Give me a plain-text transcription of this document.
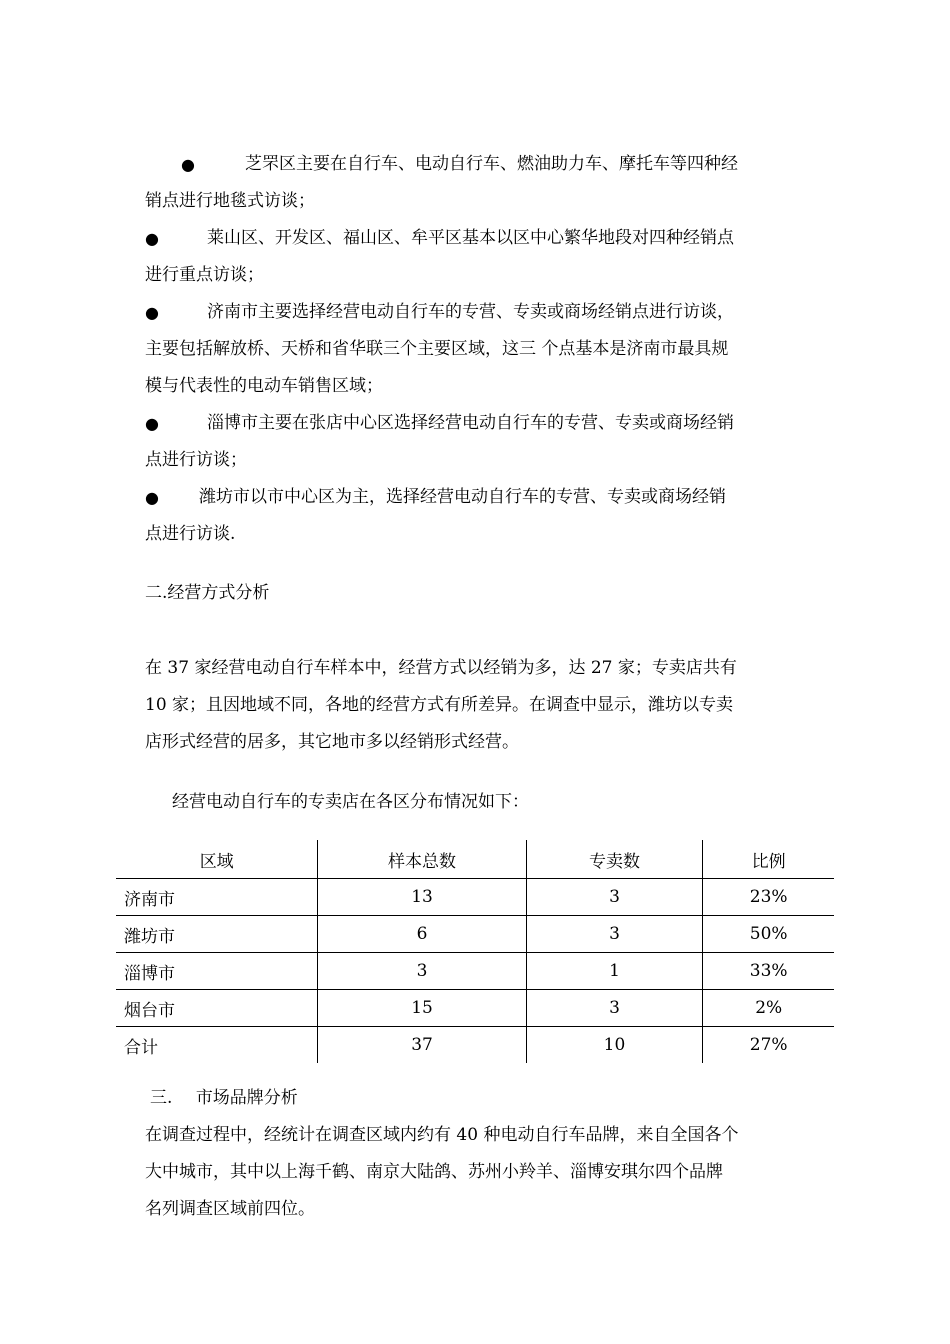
●	芝罘区主要在自行车、电动自行车、燃油助力车、摩托车等四种经
销点进行地毯式访谈；
●	莱山区、开发区、福山区、牟平区基本以区中心繁华地段对四种经销点
进行重点访谈；
●	济南市主要选择经营电动自行车的专营、专卖或商场经销点进行访谈，
主要包括解放桥、天桥和省华联三个主要区域，这三 个点基本是济南市最具规
模与代表性的电动车销售区域；
●	淄博市主要在张店中心区选择经营电动自行车的专营、专卖或商场经销
点进行访谈；
● 潍坊市以市中心区为主，选择经营电动自行车的专营、专卖或商场经销
点进行访谈.
二.经营方式分析
在 37 家经营电动自行车样本中，经营方式以经销为多，达 27 家；专卖店共有
10 家；且因地域不同，各地的经营方式有所差异。在调查中显示，潍坊以专卖
店形式经营的居多，其它地市多以经销形式经营。
经营电动自行车的专卖店在各区分布情况如下：
区域	样本总数	专卖数	比例
济南市	13	3	23%
潍坊市	6	3	50%
淄博市	3	1	33%
烟台市	15	3	2%
合计	37	10	27%
三. 市场品牌分析
在调查过程中，经统计在调查区域内约有 40 种电动自行车品牌，来自全国各个
大中城市，其中以上海千鹤、南京大陆鸽、苏州小羚羊、淄博安琪尔四个品牌
名列调查区域前四位。
